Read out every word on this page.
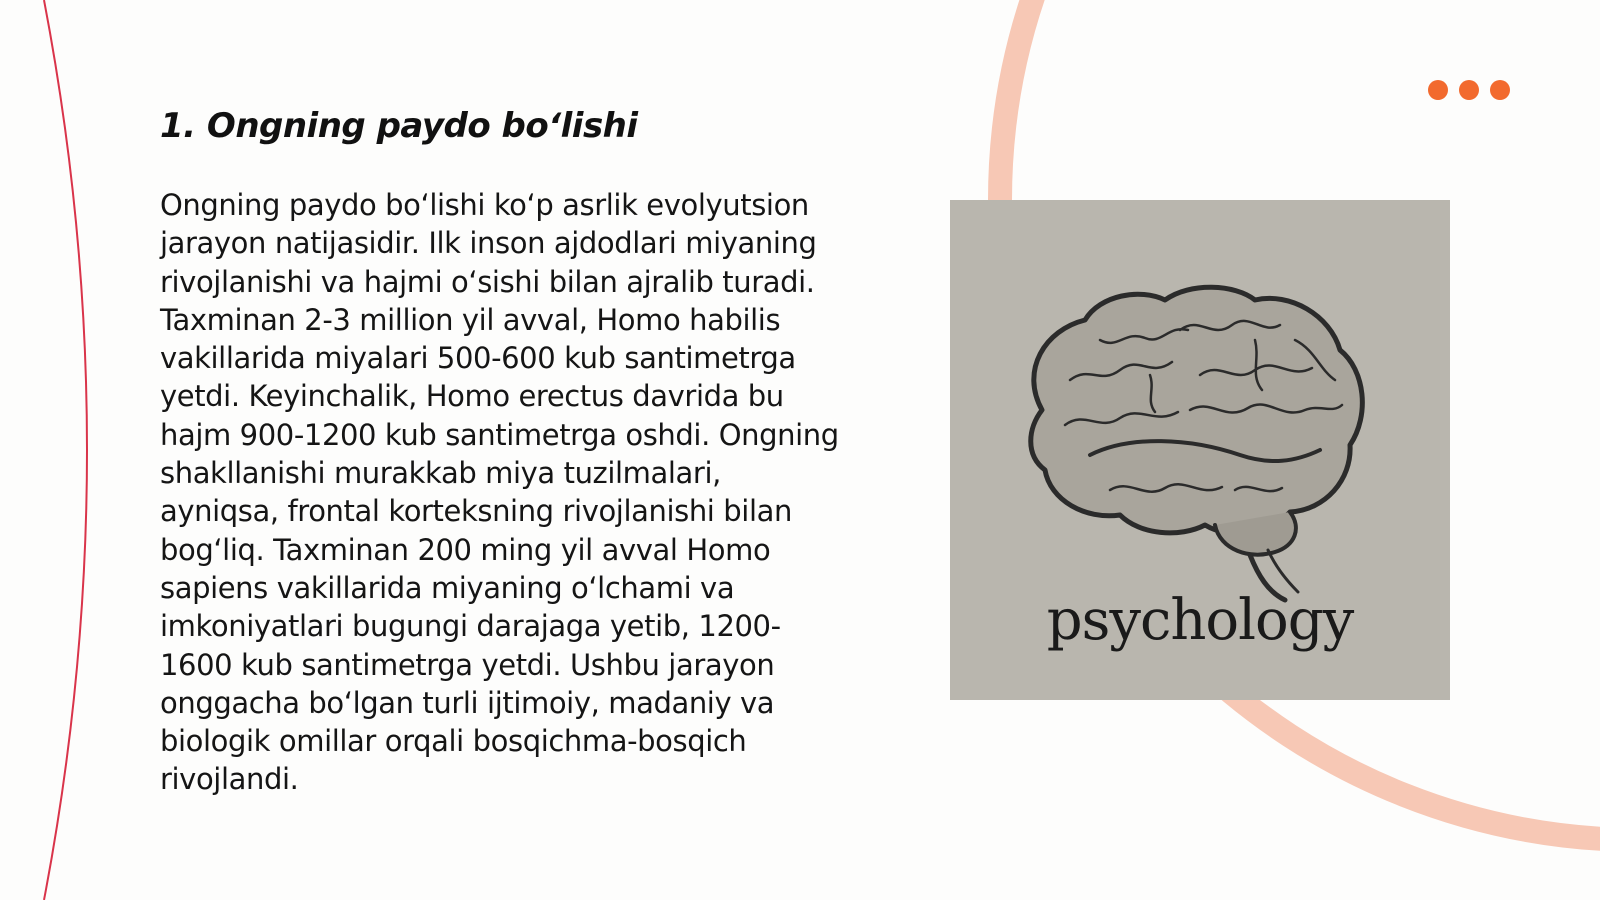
1. Ongning paydo bo‘lishi

Ongning paydo bo‘lishi ko‘p asrlik evolyutsion jarayon natijasidir. Ilk inson ajdodlari miyaning rivojlanishi va hajmi o‘sishi bilan ajralib turadi. Taxminan 2-3 million yil avval, Homo habilis vakillarida miyalari 500-600 kub santimetrga yetdi. Keyinchalik, Homo erectus davrida bu hajm 900-1200 kub santimetrga oshdi. Ongning shakllanishi murakkab miya tuzilmalari, ayniqsa, frontal korteksning rivojlanishi bilan bog‘liq. Taxminan 200 ming yil avval Homo sapiens vakillarida miyaning o‘lchami va imkoniyatlari bugungi darajaga yetib, 1200-1600 kub santimetrga yetdi. Ushbu jarayon onggacha bo‘lgan turli ijtimoiy, madaniy va biologik omillar orqali bosqichma-bosqich rivojlandi.

psychology
